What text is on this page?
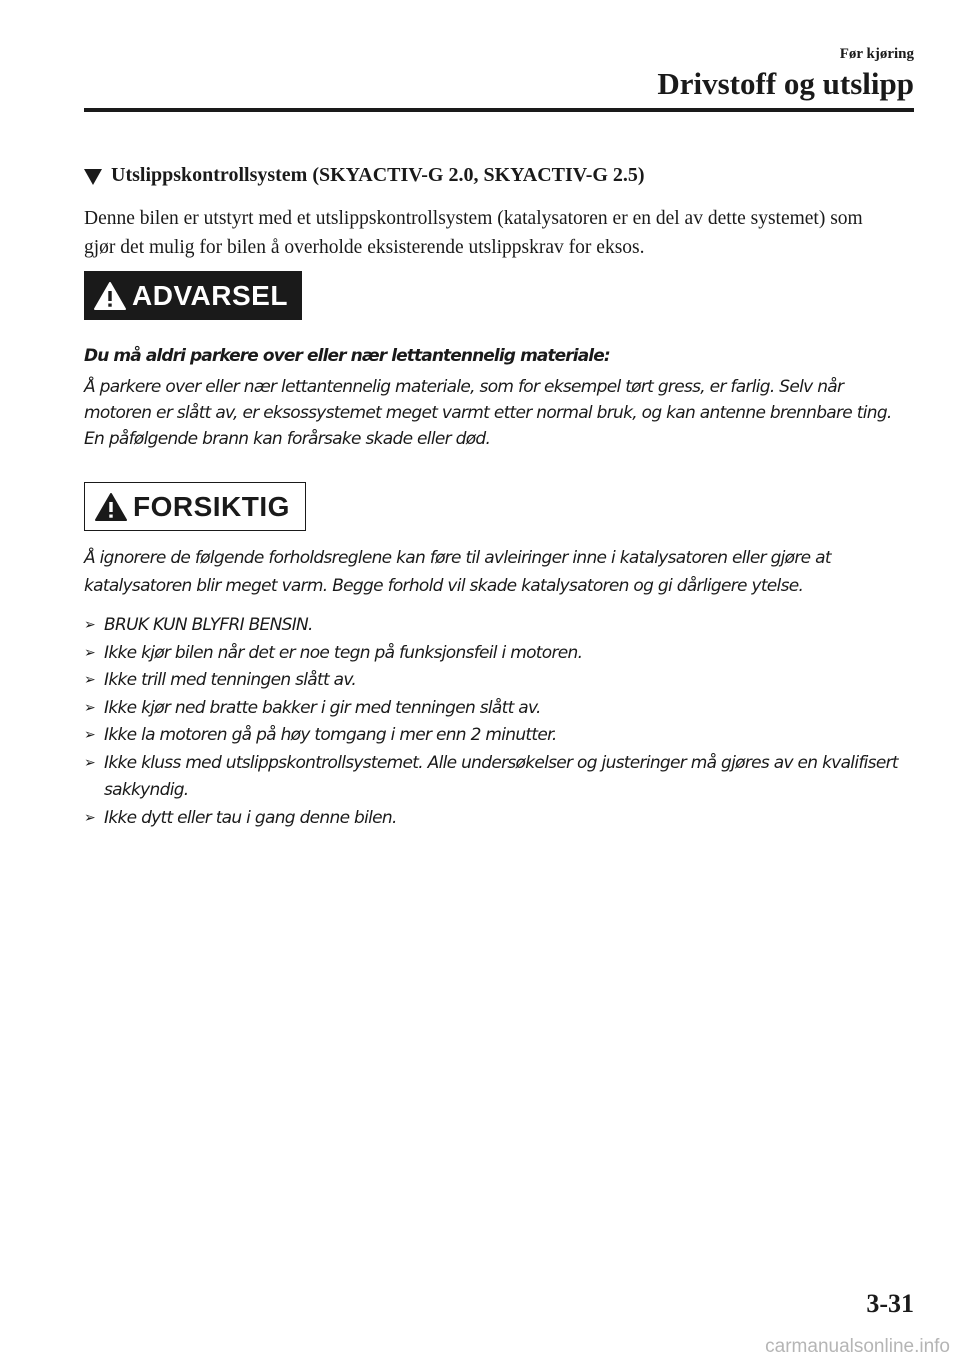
Før kjøring
Drivstoff og utslipp
Utslippskontrollsystem (SKYACTIV-G 2.0, SKYACTIV-G 2.5)
Denne bilen er utstyrt med et utslippskontrollsystem (katalysatoren er en del av dette systemet) som gjør det mulig for bilen å overholde eksisterende utslippskrav for eksos.
ADVARSEL
Du må aldri parkere over eller nær lettantennelig materiale:
Å parkere over eller nær lettantennelig materiale, som for eksempel tørt gress, er farlig. Selv når motoren er slått av, er eksossystemet meget varmt etter normal bruk, og kan antenne brennbare ting. En påfølgende brann kan forårsake skade eller død.
FORSIKTIG
Å ignorere de følgende forholdsreglene kan føre til avleiringer inne i katalysatoren eller gjøre at katalysatoren blir meget varm. Begge forhold vil skade katalysatoren og gi dårligere ytelse.
➢ BRUK KUN BLYFRI BENSIN.
➢ Ikke kjør bilen når det er noe tegn på funksjonsfeil i motoren.
➢ Ikke trill med tenningen slått av.
➢ Ikke kjør ned bratte bakker i gir med tenningen slått av.
➢ Ikke la motoren gå på høy tomgang i mer enn 2 minutter.
➢ Ikke kluss med utslippskontrollsystemet. Alle undersøkelser og justeringer må gjøres av en kvalifisert sakkyndig.
➢ Ikke dytt eller tau i gang denne bilen.
3-31
carmanualsonline.info
